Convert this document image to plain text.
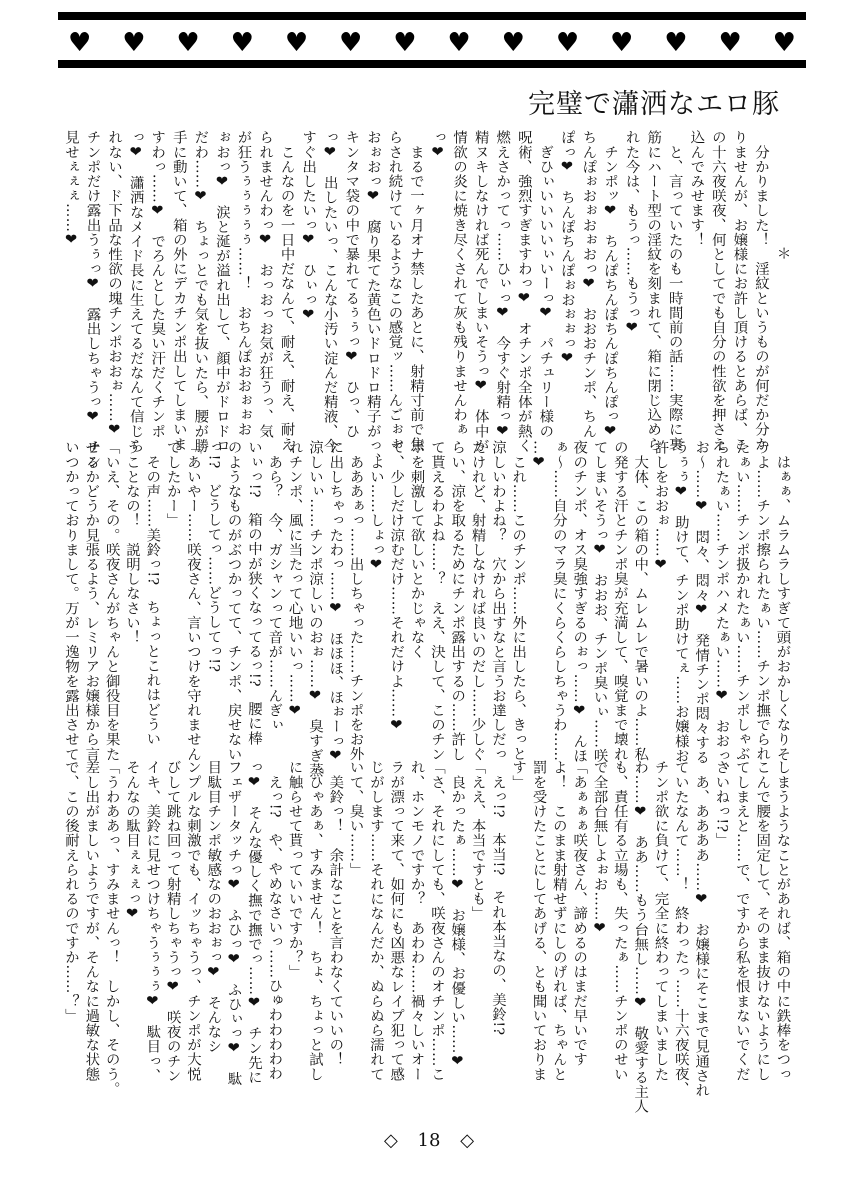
♥ ♥ ♥ ♥ ♥ ♥ ♥ ♥ ♥ ♥ ♥ ♥ ♥ ♥
完璧で瀟洒なエロ豚
＊
　分かりました！　淫紋というものが何だか分か
りませんが、お嬢様にお許し頂けるとあらば、こ
の十六夜咲夜、何としてでも自分の性欲を押さえ
込んでみせます！
　と、言っていたのも一時間前の話……実際に裏
筋にハート型の淫紋を刻まれて、箱に閉じ込めら
れた今は、もうっ……もうっ❤
　チンポッ❤　ちんぽちんぽちんぽちんぽっ❤
ちんぽぉおぉおぉおっ❤　おおおチンポ、ちん
ぽっ❤　ちんぽちんぽぉおぉぉっ❤
　ぎひぃいいいいぃいーっ❤　パチュリー様の
呪術、強烈すぎますわっ❤　オチンポ全体が熱く
燃えさかってっ……ひぃっ❤　今すぐ射精っ❤
精ヌキしなければ死んでしまいそうっ❤　体中が
情欲の炎に焼き尽くされて灰も残りませんわぁ
っ❤
　まるで一ヶ月オナ禁したあとに、射精寸前で焦
らされ続けているようなこの感覚ッ……んごぉぉ
おぉおっ❤　腐り果てた黄色いドロドロ精子がっ、
キンタマ袋の中で暴れてるぅぅっ❤　ひっ、ひ
っ❤　出したいっ、こんな小汚い淀んだ精液、今
すぐ出したいっ❤　ひぃっ❤
　こんなのを一日中だなんて、耐え、耐え、耐え
られませんわっ❤　おっおっお気が狂うっ、気
が狂うぅぅぅぅぅ……！　おちんぽおおぉぉお
ぉおっ❤　涙と涎が溢れ出して、顔中がドロドロ
だわ……❤　ちょっとでも気を抜いたら、腰が勝
手に動いて、箱の外にデカチンポ出してしまいま
すわっ……❤　でろんとした臭い汗だくチンポ
っ❤　瀟洒なメイド長に生えてるだなんて信じら
れない、ド下品な性欲の塊チンポおおぉ……❤
チンポだけ露出うぅっ❤　露出しちゃうっ❤　チン
見せぇぇぇ……❤
　はぁぁ、ムラムラしすぎて頭がおかしくなりそ
うよ……チンポ擦られたぁい……チンポ撫でられ
たぁい……チンポ扱かれたぁい……チンポしゃぶ
られたぁい……チンポハメたぁい……❤　おおっ、
お～……❤　悶々、悶々❤　発情チンポ悶々する
うぅぅ❤　助けて、チンポ助けてぇ……お嬢様お
許しをおおぉ……❤
　大体、この箱の中、ムレムレで暑いのよ……私
の発する汗とチンポ臭が充満して、嗅覚まで壊れ
てしまいそうっ❤　おおお、チンポ臭いぃ……咲
夜のチンポ、オス臭強すぎるのぉっ……❤　んほ
ぁ～……自分のマラ臭にくらくらしちゃうわ……
…❤
　これ……このチンポ……外に出したら、きっと
涼しいわよね？　穴から出すなと言うお達しだっ
たけれど、射精しなければ良いのだし……少しぐ
らい、涼を取るためにチンポ露出するの……許し
て貰えるわよね……？　ええ、決して、このチン
ポを刺激して欲しいとかじゃなく
て、少しだけ涼むだけ……それだけよ……❤
　よい……しょっ❤
　あああぁっ……出しちゃった……チンポをお外
に出しちゃったわっ……❤　ほほほ、ほぉーっ❤
涼しいぃ……チンポ涼しいのおぉ……❤　臭すぎ蒸
れチンポ、風に当たって心地いいっ……❤
　あら？　今、ガシャンって音が……んぎぃ
いぃっ!?　箱の中が狭くなってるっ!?　腰に棒
のようなものがぶつかってて、チンポ、戻せない
っ!?　どうしてっ……どうしてっ!?
「あいやー……咲夜さん、言いつけを守れません
でしたかー」
　その声……美鈴っ!?　ちょっとこれはどうい
うことなの！　説明しなさい！
「いえ、その。咲夜さんがちゃんと御役目を果た
せるかどうか見張るよう、レミリアお嬢様から言
いつかっておりまして。万が一逸物を露出させて
しまうようなことがあれば、箱の中に鉄棒をつっ
こんで腰を固定して、そのまま抜けないようにし
てしまえと……で、ですから私を恨まないでくだ
さいねっ!?」
　あ、ああああ……❤　お嬢様にそこまで見通され
ていたなんて……！　終わったっ……十六夜咲夜、
チンポ欲に負けて、完全に終わってしまいました
わ……❤　ああ……もう台無し……❤　敬愛する主人
も、責任有る立場も、失ったぁ……チンポのせい
で全部台無しよぉお……❤
「あぁぁぁ咲夜さん、諦めるのはまだ早いです
よ！　このまま射精せずにしのげれば、ちゃんと
罰を受けたことにしてあげる、とも聞いておりま
す」
　えっ!?　本当!?　それ本当なの、美鈴!?
「ええ、本当ですとも」
　良かったぁ……❤　お嬢様、お優しい……❤
「さ、それにしても、咲夜さんのオチンポ……こ
れ、ホンモノですか？　あわわ……禍々しいオー
ラが漂って来て、如何にも凶悪なレイプ犯って感
じがします……それになんだか、ぬらぬら濡れて
いて、臭い……」
　美鈴っ！　余計なことを言わなくていいの！
「ひゃあぁ、すみません！　ちょ、ちょっと試し
に触らせて貰っていいですか？」
　えっ!?　や、やめなさいっ……ひゅわわわわわ
っ❤　そんな優しく撫で撫でっ……❤　チン先に
フェザータッチっ❤　ふひっ❤　ふひぃっ❤　駄
目駄目チンポ敏感なのおおぉっ❤　そんなシ
ンプルな刺激でも、イッちゃうっ、チンポが大悦
びして跳ね回って射精しちゃうっ❤　咲夜のチン
イキ、美鈴に見せつけちゃうぅぅぅ❤　駄目っ、
そんなの駄目ぇぇぇっ❤
「うわああっ、すみませんっ！　しかし、そのう。
差し出がましいようですが、そんなに過敏な状態
で、この後耐えられるのですか……？」
◇ 18 ◇
